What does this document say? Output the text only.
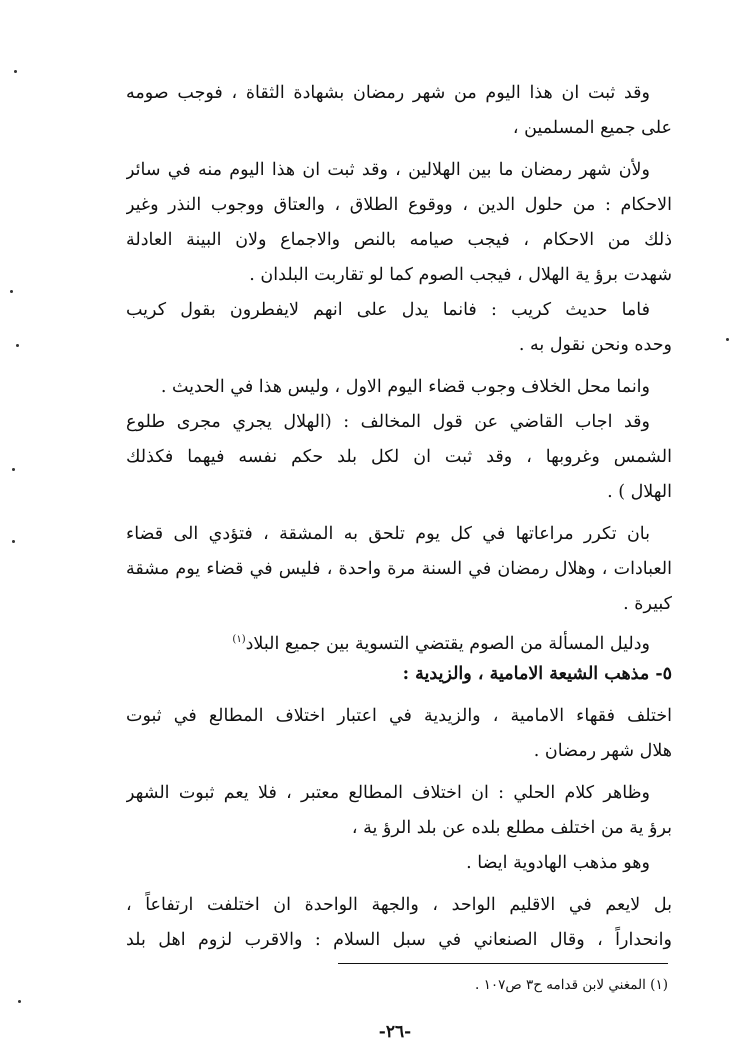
وقد ثبت ان هذا اليوم من شهر رمضان بشهادة الثقاة ، فوجب صومه
على جميع المسلمين ،
ولأن شهر رمضان ما بين الهلالين ، وقد ثبت ان هذا اليوم منه في سائر
الاحكام : من حلول الدين ، ووقوع الطلاق ، والعتاق ووجوب النذر وغير
ذلك من الاحكام ، فيجب صيامه بالنص والاجماع ولان البينة العادلة
شهدت برؤ ية الهلال ، فيجب الصوم كما لو تقاربت البلدان .
فاما حديث كريب : فانما يدل على انهم لايفطرون بقول كريب
وحده ونحن نقول به .
وانما محل الخلاف وجوب قضاء اليوم الاول ، وليس هذا في الحديث .
وقد اجاب القاضي عن قول المخالف : (الهلال يجري مجرى طلوع
الشمس وغروبها ، وقد ثبت ان لكل بلد حكم نفسه فيهما فكذلك
الهلال ) .
بان تكرر مراعاتها في كل يوم تلحق به المشقة ، فتؤدي الى قضاء
العبادات ، وهلال رمضان في السنة مرة واحدة ، فليس في قضاء يوم مشقة
كبيرة .
ودليل المسألة من الصوم يقتضي التسوية بين جميع البلاد$^{(١)}$
٥- مذهب الشيعة الامامية ، والزيدية :
اختلف فقهاء الامامية ، والزيدية في اعتبار اختلاف المطالع في ثبوت
هلال شهر رمضان .
وظاهر كلام الحلي : ان اختلاف المطالع معتبر ، فلا يعم ثبوت الشهر
برؤ ية من اختلف مطلع بلده عن بلد الرؤ ية ،
وهو مذهب الهادوية ايضا .
بل لايعم في الاقليم الواحد ، والجهة الواحدة ان اختلفت ارتفاعاً ،
وانحداراً ، وقال الصنعاني في سبل السلام : والاقرب لزوم اهل بلد
(١) المغني لابن قدامه ح٣ ص١٠٧ .
-٢٦-
